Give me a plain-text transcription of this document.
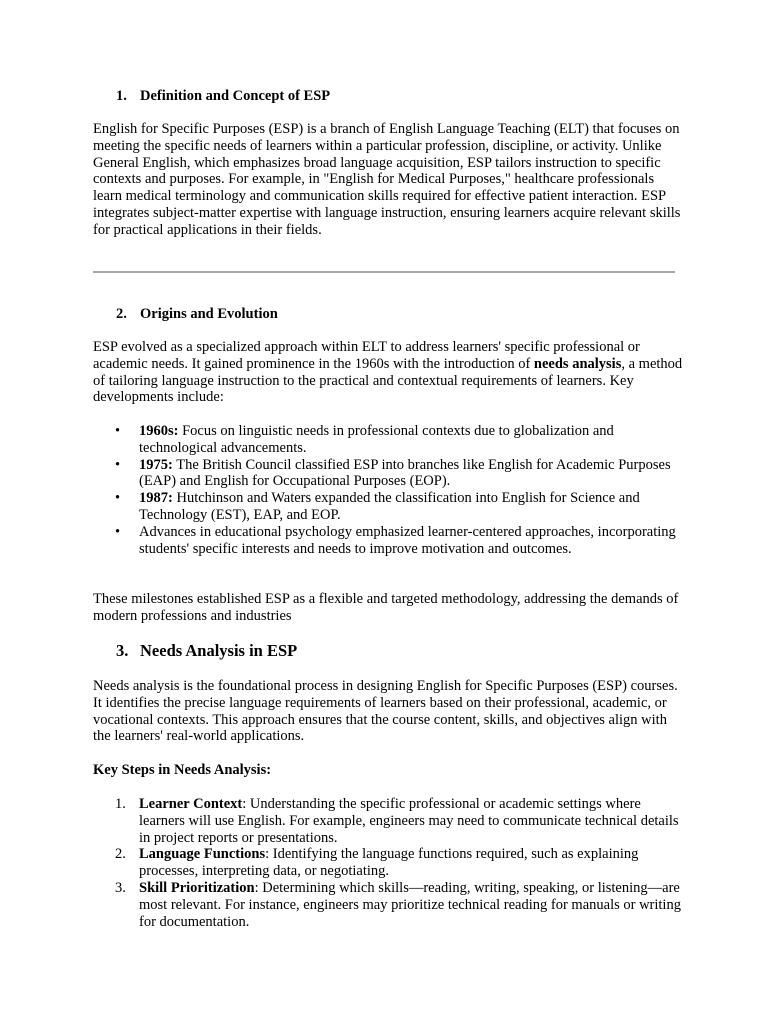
1. Definition and Concept of ESP
English for Specific Purposes (ESP) is a branch of English Language Teaching (ELT) that focuses on meeting the specific needs of learners within a particular profession, discipline, or activity. Unlike General English, which emphasizes broad language acquisition, ESP tailors instruction to specific contexts and purposes. For example, in "English for Medical Purposes," healthcare professionals learn medical terminology and communication skills required for effective patient interaction. ESP integrates subject-matter expertise with language instruction, ensuring learners acquire relevant skills for practical applications in their fields.
2. Origins and Evolution
ESP evolved as a specialized approach within ELT to address learners' specific professional or academic needs. It gained prominence in the 1960s with the introduction of needs analysis, a method of tailoring language instruction to the practical and contextual requirements of learners. Key developments include:
• 1960s: Focus on linguistic needs in professional contexts due to globalization and technological advancements.
• 1975: The British Council classified ESP into branches like English for Academic Purposes (EAP) and English for Occupational Purposes (EOP).
• 1987: Hutchinson and Waters expanded the classification into English for Science and Technology (EST), EAP, and EOP.
• Advances in educational psychology emphasized learner-centered approaches, incorporating students' specific interests and needs to improve motivation and outcomes.
These milestones established ESP as a flexible and targeted methodology, addressing the demands of modern professions and industries
3. Needs Analysis in ESP
Needs analysis is the foundational process in designing English for Specific Purposes (ESP) courses. It identifies the precise language requirements of learners based on their professional, academic, or vocational contexts. This approach ensures that the course content, skills, and objectives align with the learners' real-world applications.
Key Steps in Needs Analysis:
1. Learner Context: Understanding the specific professional or academic settings where learners will use English. For example, engineers may need to communicate technical details in project reports or presentations.
2. Language Functions: Identifying the language functions required, such as explaining processes, interpreting data, or negotiating.
3. Skill Prioritization: Determining which skills—reading, writing, speaking, or listening—are most relevant. For instance, engineers may prioritize technical reading for manuals or writing for documentation.
